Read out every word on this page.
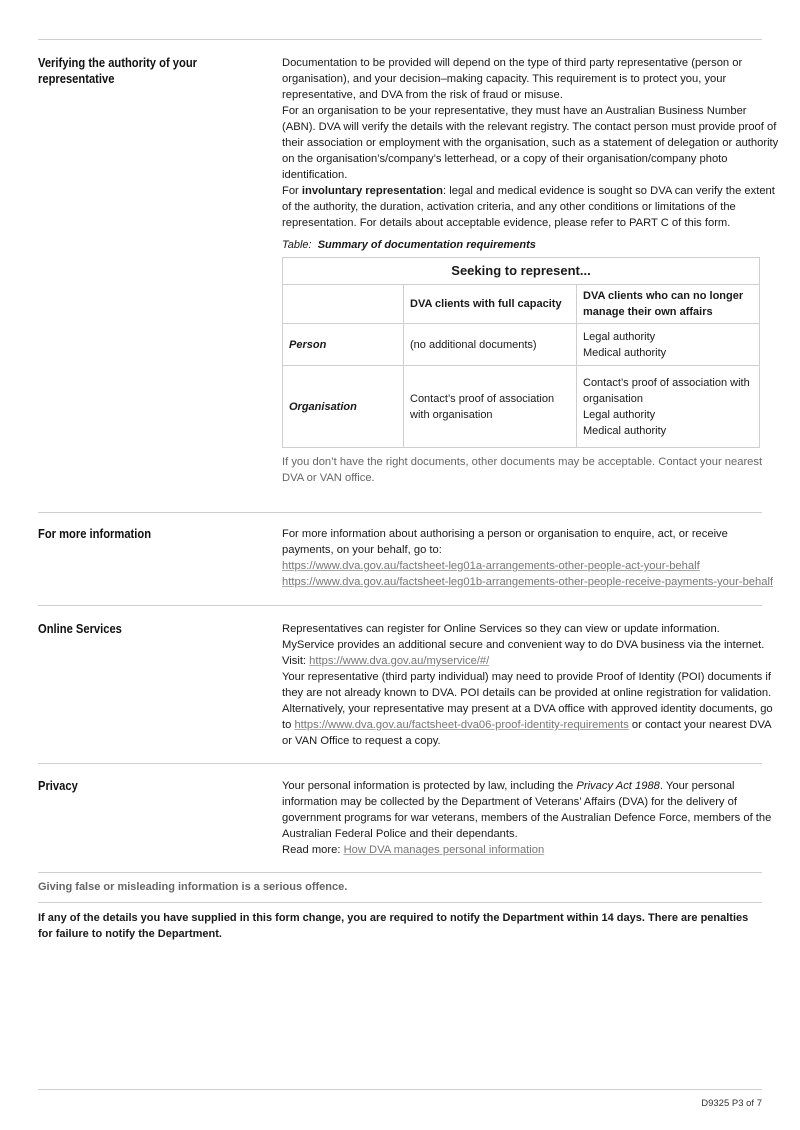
Verifying the authority of your representative

Documentation to be provided will depend on the type of third party representative (person or organisation), and your decision–making capacity. This requirement is to protect you, your representative, and DVA from the risk of fraud or misuse.

For an organisation to be your representative, they must have an Australian Business Number (ABN). DVA will verify the details with the relevant registry. The contact person must provide proof of their association or employment with the organisation, such as a statement of delegation or authority on the organisation’s/company’s letterhead, or a copy of their organisation/company photo identification.

For involuntary representation: legal and medical evidence is sought so DVA can verify the extent of the authority, the duration, activation criteria, and any other conditions or limitations of the representation. For details about acceptable evidence, please refer to PART C of this form.

Table: Summary of documentation requirements
Seeking to represent...		
	DVA clients with full capacity	DVA clients who can no longer manage their own affairs
Person	(no additional documents)	Legal authority
Medical authority

Organisation	Contact’s proof of association with organisation	Contact’s proof of association with organisation
Legal authority
Medical authority

If you don’t have the right documents, other documents may be acceptable. Contact your nearest DVA or VAN office.

For more information	For more information about authorising a person or organisation to enquire, act, or receive payments, on your behalf, go to:

https://www.dva.gov.au/factsheet-leg01a-arrangements-other-people-act-your-behalf

https://www.dva.gov.au/factsheet-leg01b-arrangements-other-people-receive-payments-your-behalf

Online Services	Representatives can register for Online Services so they can view or update information.

MyService provides an additional secure and convenient way to do DVA business via the internet.

Visit: https://www.dva.gov.au/myservice/#/

Your representative (third party individual) may need to provide Proof of Identity (POI) documents if they are not already known to DVA. POI details can be provided at online registration for validation. Alternatively, your representative may present at a DVA office with approved identity documents, go to https://www.dva.gov.au/factsheet-dva06-proof-identity-requirements or contact your nearest DVA or VAN Office to request a copy.

Privacy	Your personal information is protected by law, including the Privacy Act 1988. Your personal information may be collected by the Department of Veterans’ Affairs (DVA) for the delivery of government programs for war veterans, members of the Australian Defence Force, members of the Australian Federal Police and their dependants.

Read more: How DVA manages personal information

Giving false or misleading information is a serious offence.
If any of the details you have supplied in this form change, you are required to notify the Department within 14 days. There are penalties for failure to notify the Department.
D9325 P3 of 7
